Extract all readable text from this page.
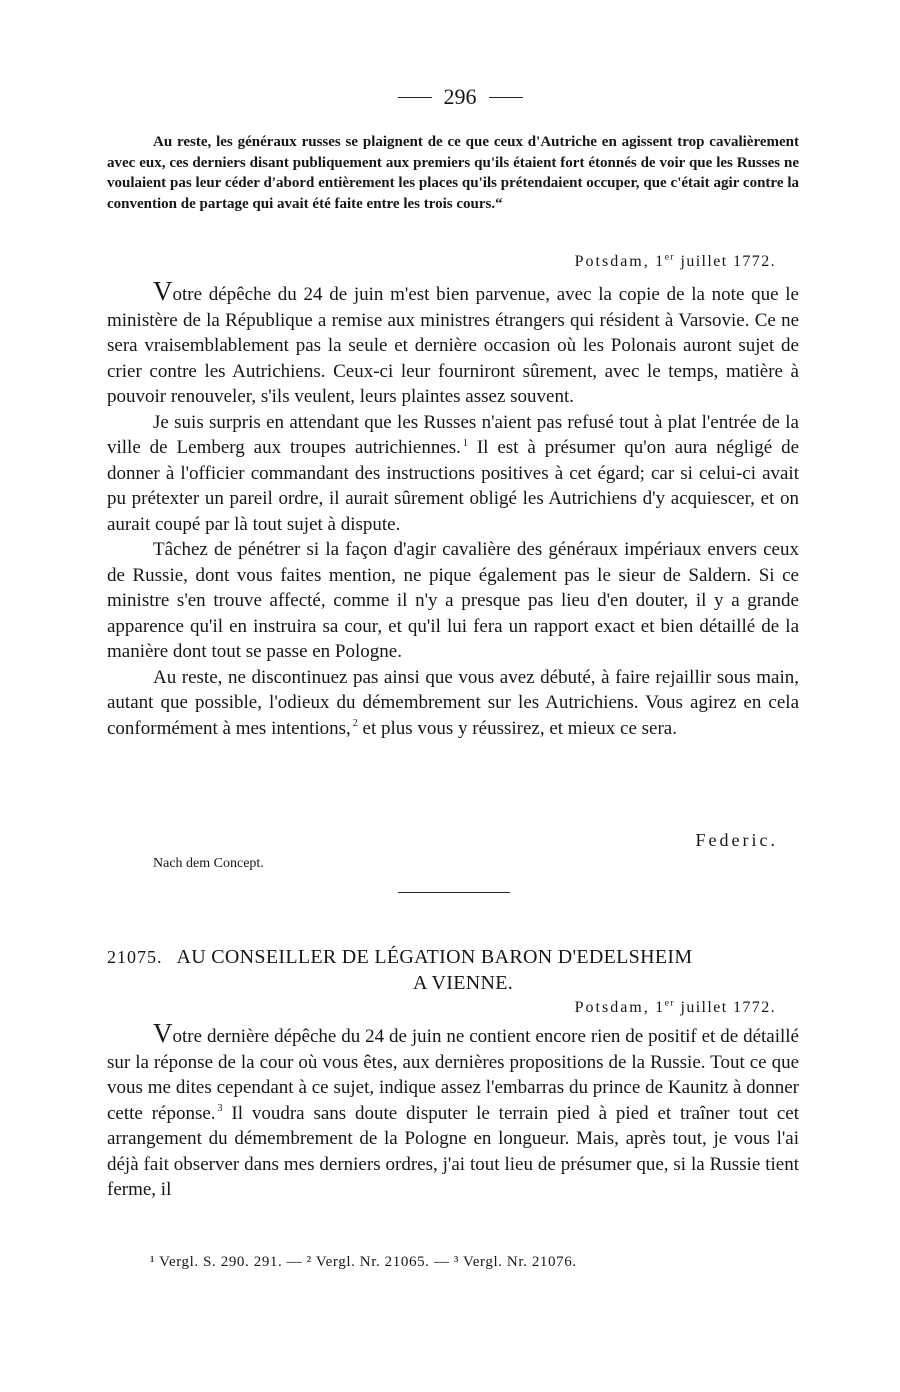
296

Au reste, les généraux russes se plaignent de ce que ceux d'Autriche en agissent trop cavalièrement avec eux, ces derniers disant publiquement aux premiers qu'ils étaient fort étonnés de voir que les Russes ne voulaient pas leur céder d'abord entièrement les places qu'ils prétendaient occuper, que c'était agir contre la convention de partage qui avait été faite entre les trois cours.“

Potsdam, 1er juillet 1772.

Votre dépêche du 24 de juin m'est bien parvenue, avec la copie de la note que le ministère de la République a remise aux ministres étrangers qui résident à Varsovie. Ce ne sera vraisemblablement pas la seule et dernière occasion où les Polonais auront sujet de crier contre les Autrichiens. Ceux-ci leur fourniront sûrement, avec le temps, matière à pouvoir renouveler, s'ils veulent, leurs plaintes assez souvent.

Je suis surpris en attendant que les Russes n'aient pas refusé tout à plat l'entrée de la ville de Lemberg aux troupes autrichiennes. $^1$ Il est à présumer qu'on aura négligé de donner à l'officier commandant des instructions positives à cet égard; car si celui-ci avait pu prétexter un pareil ordre, il aurait sûrement obligé les Autrichiens d'y acquiescer, et on aurait coupé par là tout sujet à dispute.

Tâchez de pénétrer si la façon d'agir cavalière des généraux impériaux envers ceux de Russie, dont vous faites mention, ne pique également pas le sieur de Saldern. Si ce ministre s'en trouve affecté, comme il n'y a presque pas lieu d'en douter, il y a grande apparence qu'il en instruira sa cour, et qu'il lui fera un rapport exact et bien détaillé de la manière dont tout se passe en Pologne.

Au reste, ne discontinuez pas ainsi que vous avez débuté, à faire rejaillir sous main, autant que possible, l'odieux du démembrement sur les Autrichiens. Vous agirez en cela conformément à mes intentions, $^2$ et plus vous y réussirez, et mieux ce sera.

Federic.
Nach dem Concept.
21075. AU CONSEILLER DE LÉGATION BARON D'EDELSHEIM
A VIENNE.
Potsdam, 1er juillet 1772.

Votre dernière dépêche du 24 de juin ne contient encore rien de positif et de détaillé sur la réponse de la cour où vous êtes, aux dernières propositions de la Russie. Tout ce que vous me dites cependant à ce sujet, indique assez l'embarras du prince de Kaunitz à donner cette réponse. $^3$ Il voudra sans doute disputer le terrain pied à pied et traîner tout cet arrangement du démembrement de la Pologne en longueur. Mais, après tout, je vous l'ai déjà fait observer dans mes derniers ordres, j'ai tout lieu de présumer que, si la Russie tient ferme, il

¹ Vergl. S. 290. 291. — ² Vergl. Nr. 21065. — ³ Vergl. Nr. 21076.
